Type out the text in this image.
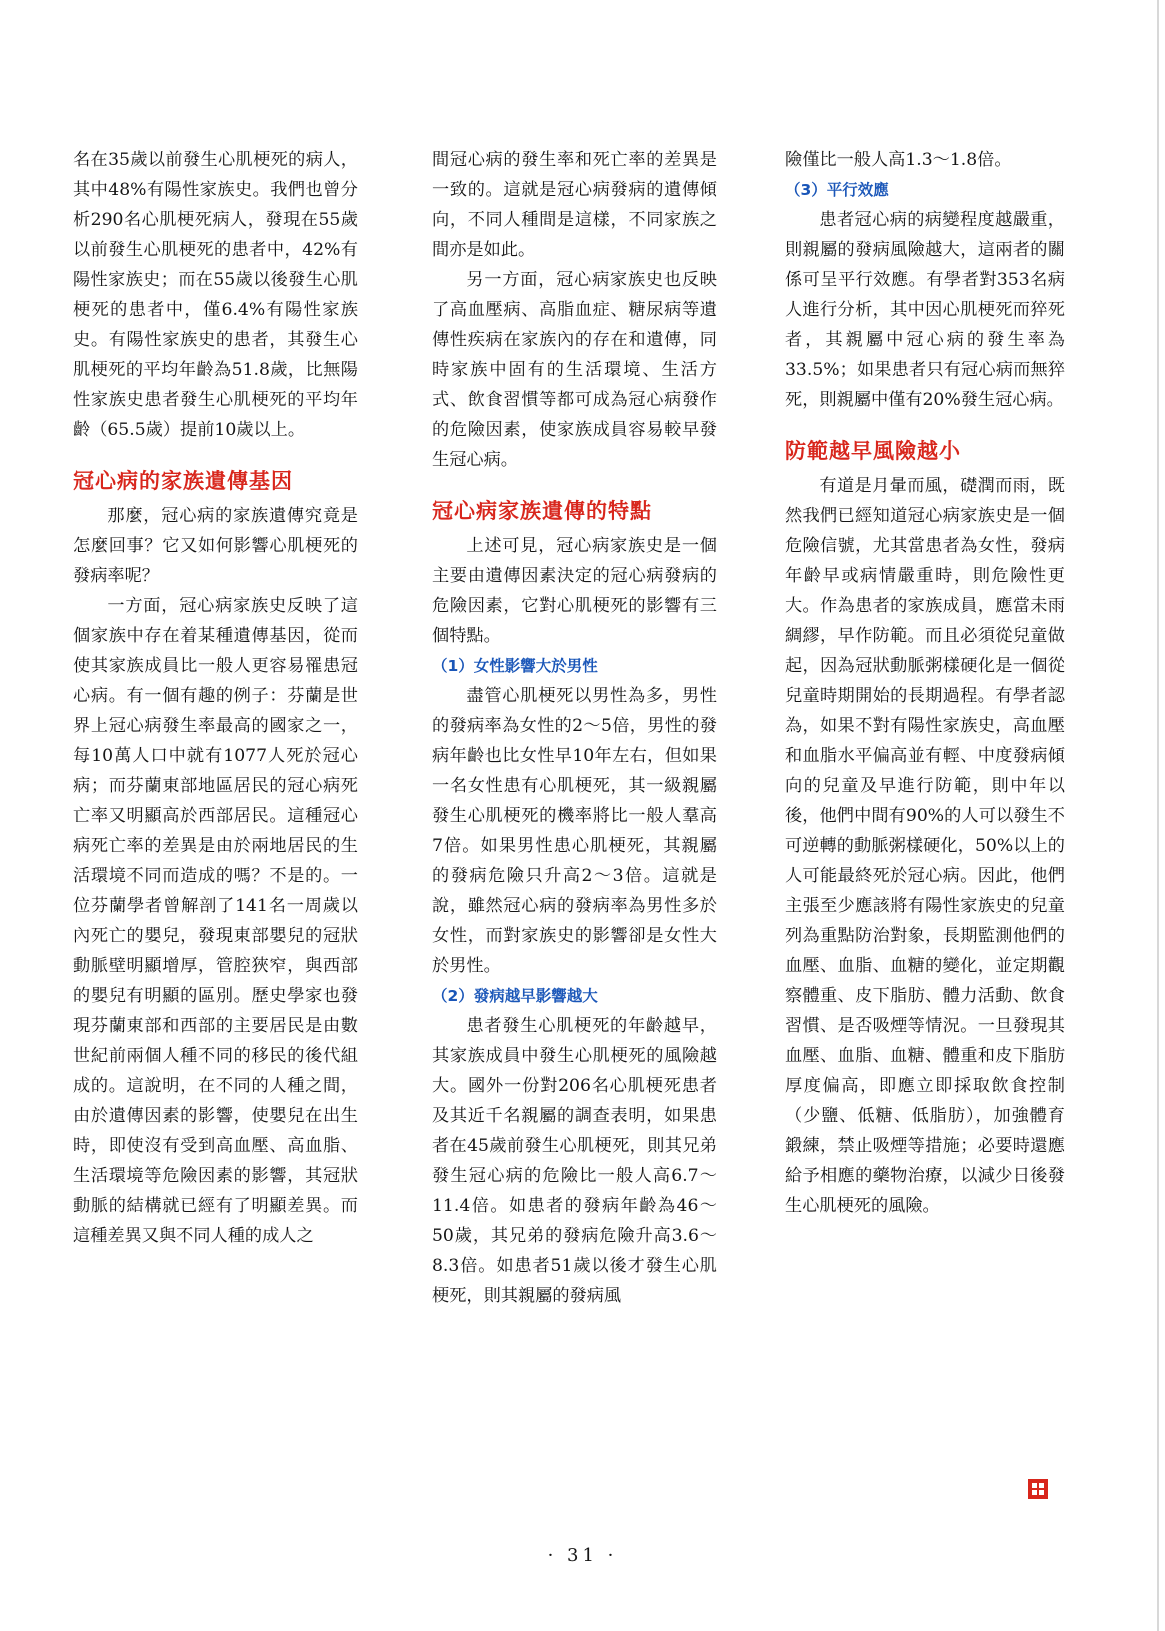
名在35歲以前發生心肌梗死的病人，其中48%有陽性家族史。我們也曾分析290名心肌梗死病人，發現在55歲以前發生心肌梗死的患者中，42%有陽性家族史；而在55歲以後發生心肌梗死的患者中，僅6.4%有陽性家族史。有陽性家族史的患者，其發生心肌梗死的平均年齡為51.8歲，比無陽性家族史患者發生心肌梗死的平均年齡（65.5歲）提前10歲以上。

冠心病的家族遺傳基因

那麼，冠心病的家族遺傳究竟是怎麼回事？它又如何影響心肌梗死的發病率呢？

一方面，冠心病家族史反映了這個家族中存在着某種遺傳基因，從而使其家族成員比一般人更容易罹患冠心病。有一個有趣的例子：芬蘭是世界上冠心病發生率最高的國家之一，每10萬人口中就有1077人死於冠心病；而芬蘭東部地區居民的冠心病死亡率又明顯高於西部居民。這種冠心病死亡率的差異是由於兩地居民的生活環境不同而造成的嗎？不是的。一位芬蘭學者曾解剖了141名一周歲以內死亡的嬰兒，發現東部嬰兒的冠狀動脈壁明顯增厚，管腔狹窄，與西部的嬰兒有明顯的區別。歷史學家也發現芬蘭東部和西部的主要居民是由數世紀前兩個人種不同的移民的後代組成的。這說明，在不同的人種之間，由於遺傳因素的影響，使嬰兒在出生時，即使沒有受到高血壓、高血脂、生活環境等危險因素的影響，其冠狀動脈的結構就已經有了明顯差異。而這種差異又與不同人種的成人之

間冠心病的發生率和死亡率的差異是一致的。這就是冠心病發病的遺傳傾向，不同人種間是這樣，不同家族之間亦是如此。

另一方面，冠心病家族史也反映了高血壓病、高脂血症、糖尿病等遺傳性疾病在家族內的存在和遺傳，同時家族中固有的生活環境、生活方式、飲食習慣等都可成為冠心病發作的危險因素，使家族成員容易較早發生冠心病。

冠心病家族遺傳的特點

上述可見，冠心病家族史是一個主要由遺傳因素決定的冠心病發病的危險因素，它對心肌梗死的影響有三個特點。

（1）女性影響大於男性

盡管心肌梗死以男性為多，男性的發病率為女性的2～5倍，男性的發病年齡也比女性早10年左右，但如果一名女性患有心肌梗死，其一級親屬發生心肌梗死的機率將比一般人羣高7倍。如果男性患心肌梗死，其親屬的發病危險只升高2～3倍。這就是說，雖然冠心病的發病率為男性多於女性，而對家族史的影響卻是女性大於男性。

（2）發病越早影響越大

患者發生心肌梗死的年齡越早，其家族成員中發生心肌梗死的風險越大。國外一份對206名心肌梗死患者及其近千名親屬的調查表明，如果患者在45歲前發生心肌梗死，則其兄弟發生冠心病的危險比一般人高6.7～11.4倍。如患者的發病年齡為46～50歲，其兄弟的發病危險升高3.6～8.3倍。如患者51歲以後才發生心肌梗死，則其親屬的發病風

險僅比一般人高1.3～1.8倍。

（3）平行效應

患者冠心病的病變程度越嚴重，則親屬的發病風險越大，這兩者的關係可呈平行效應。有學者對353名病人進行分析，其中因心肌梗死而猝死者，其親屬中冠心病的發生率為33.5%；如果患者只有冠心病而無猝死，則親屬中僅有20%發生冠心病。

防範越早風險越小

有道是月暈而風，礎潤而雨，既然我們已經知道冠心病家族史是一個危險信號，尤其當患者為女性，發病年齡早或病情嚴重時，則危險性更大。作為患者的家族成員，應當未雨綢繆，早作防範。而且必須從兒童做起，因為冠狀動脈粥樣硬化是一個從兒童時期開始的長期過程。有學者認為，如果不對有陽性家族史，高血壓和血脂水平偏高並有輕、中度發病傾向的兒童及早進行防範，則中年以後，他們中間有90%的人可以發生不可逆轉的動脈粥樣硬化，50%以上的人可能最終死於冠心病。因此，他們主張至少應該將有陽性家族史的兒童列為重點防治對象，長期監測他們的血壓、血脂、血糖的變化，並定期觀察體重、皮下脂肪、體力活動、飲食習慣、是否吸煙等情況。一旦發現其血壓、血脂、血糖、體重和皮下脂肪厚度偏高，即應立即採取飲食控制（少鹽、低糖、低脂肪），加強體育鍛練，禁止吸煙等措施；必要時還應給予相應的藥物治療，以減少日後發生心肌梗死的風險。

· 31 ·
